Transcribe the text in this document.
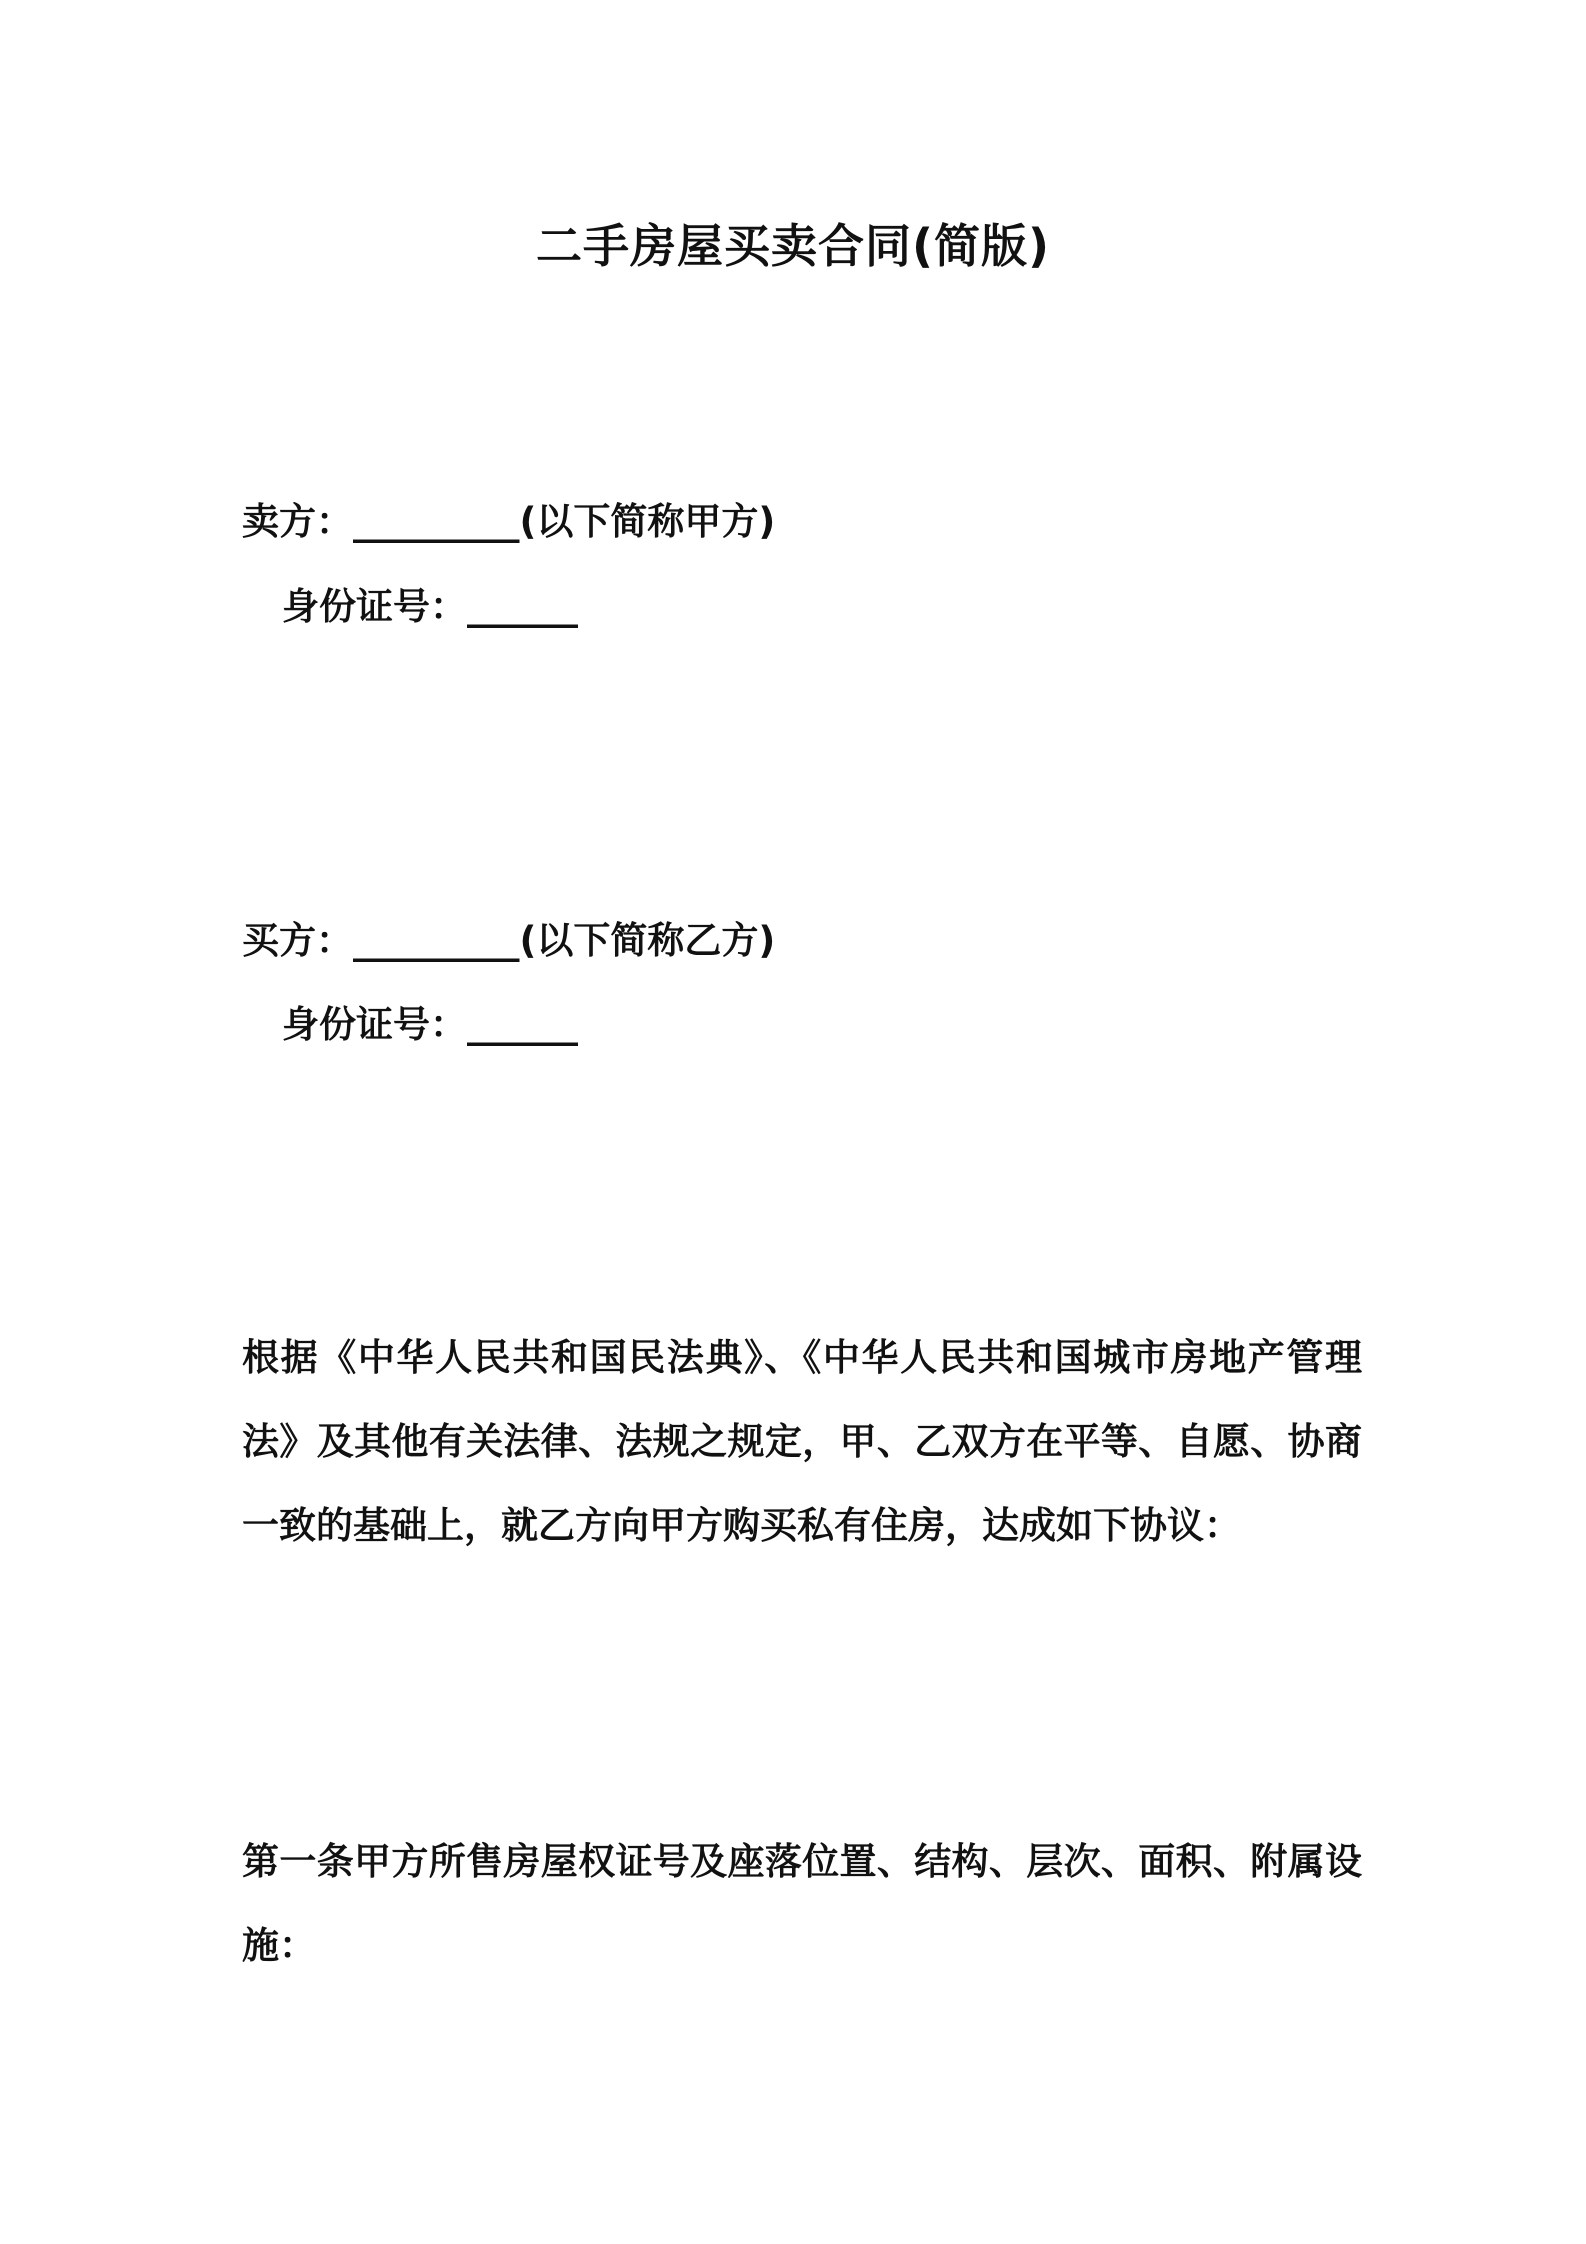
二手房屋买卖合同(简版)
卖方：_________(以下简称甲方)
身份证号：______
买方：_________(以下简称乙方)
身份证号：______
根据《中华人民共和国民法典》、《中华人民共和国城市房地产管理法》及其他有关法律、法规之规定，甲、乙双方在平等、自愿、协商一致的基础上，就乙方向甲方购买私有住房，达成如下协议：
第一条甲方所售房屋权证号及座落位置、结构、层次、面积、附属设施：
